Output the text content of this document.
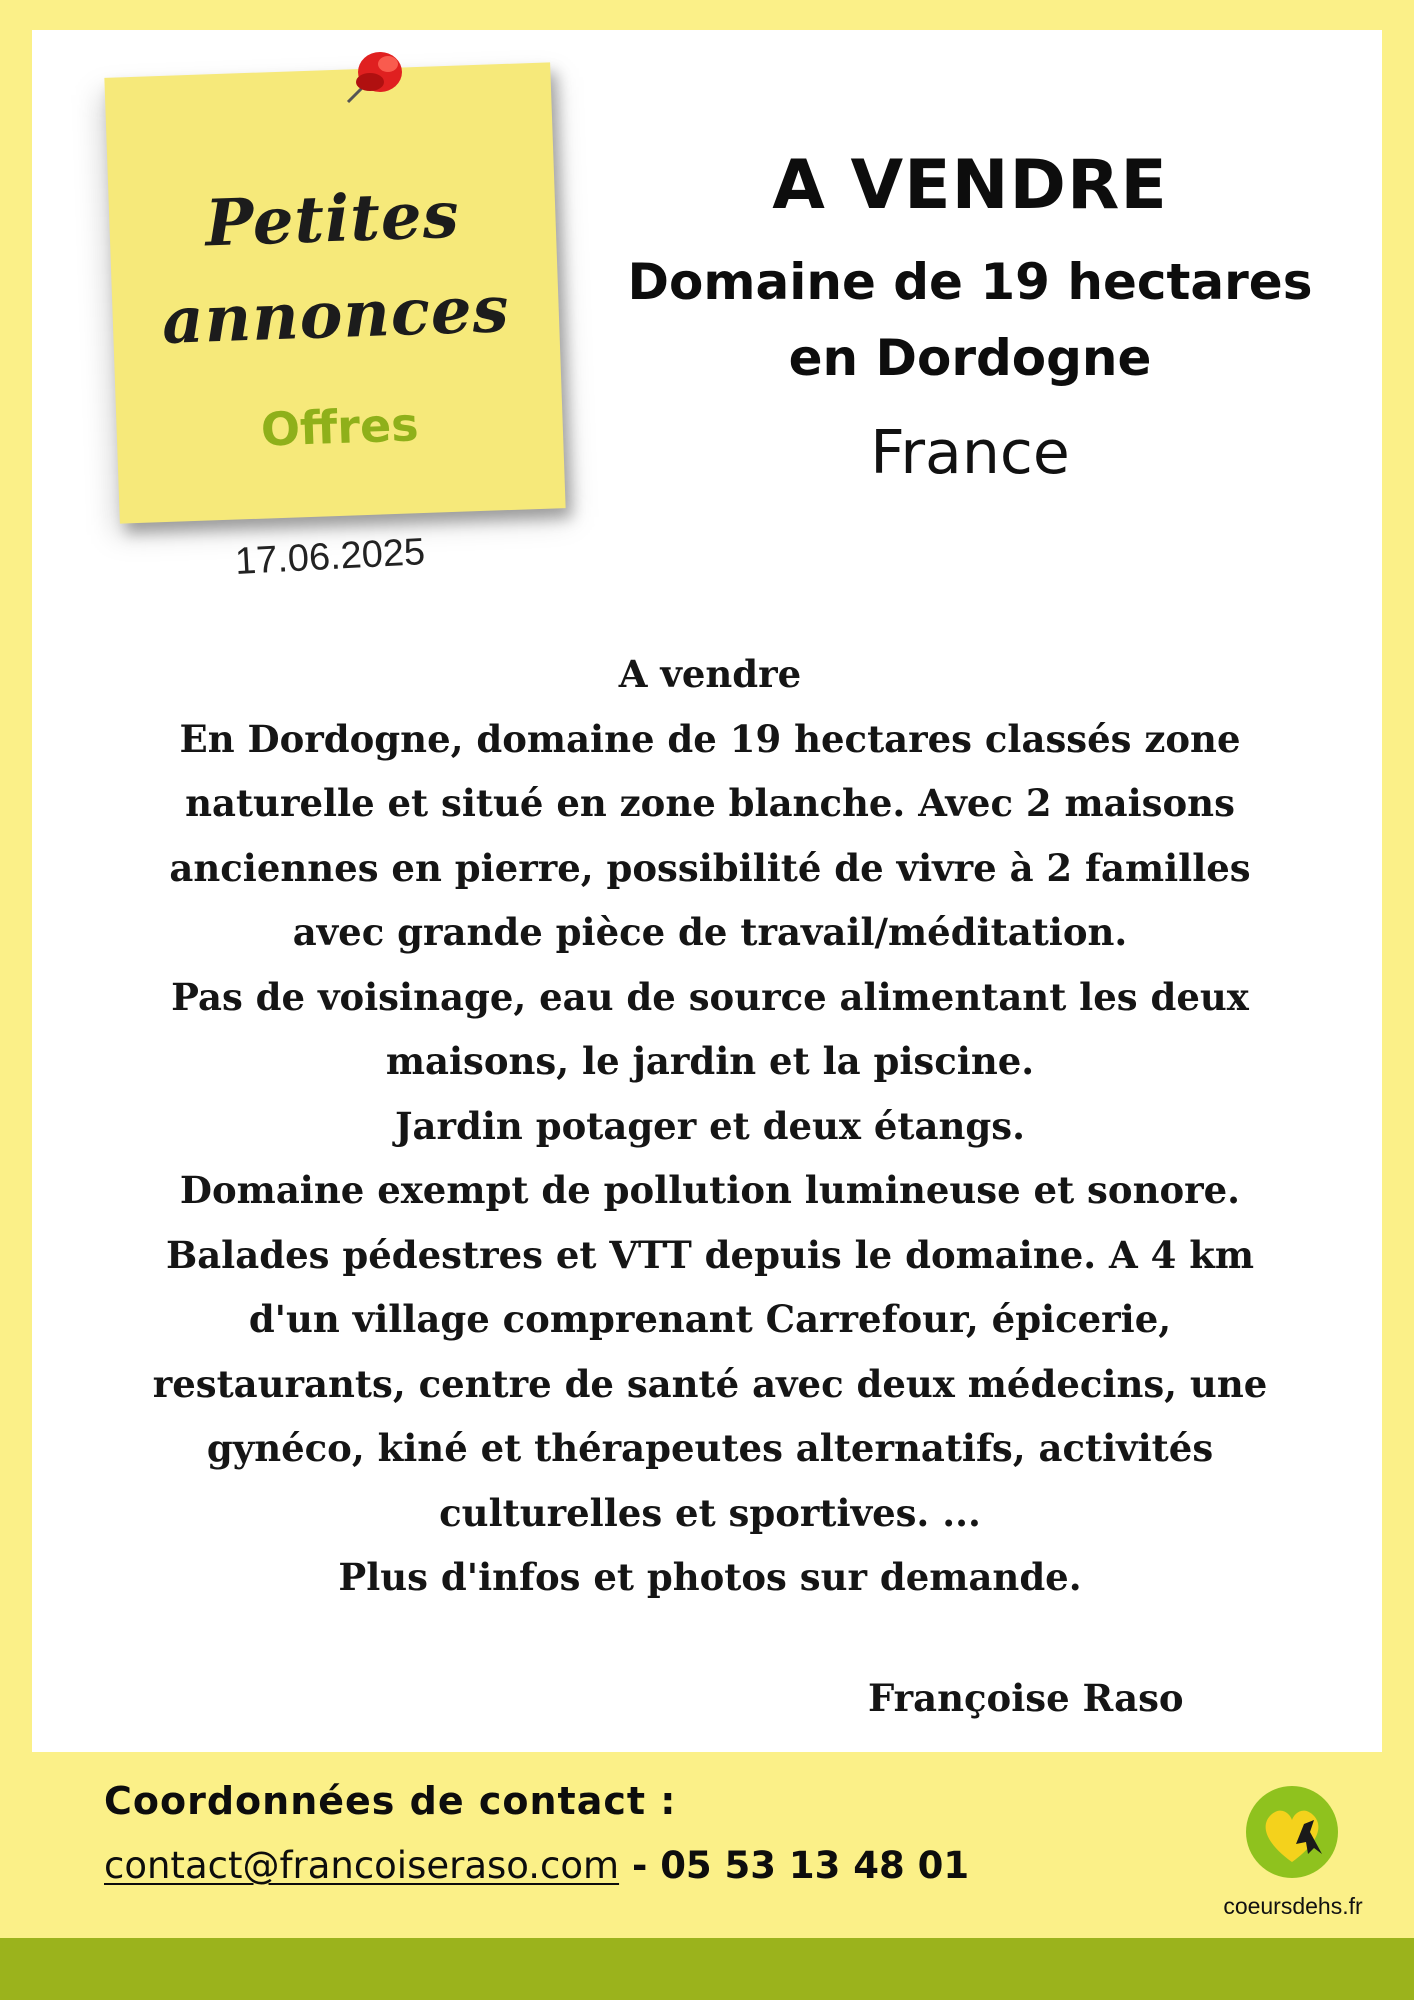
Petites
annonces
Offres
17.06.2025
A VENDRE
Domaine de 19 hectares
en Dordogne
France
A vendre
En Dordogne, domaine de 19 hectares classés zone
naturelle et situé en zone blanche. Avec 2 maisons
anciennes en pierre, possibilité de vivre à 2 familles
avec grande pièce de travail/méditation.
Pas de voisinage, eau de source alimentant les deux
maisons, le jardin et la piscine.
Jardin potager et deux étangs.
Domaine exempt de pollution lumineuse et sonore.
Balades pédestres et VTT depuis le domaine. A 4 km
d'un village comprenant Carrefour, épicerie,
restaurants, centre de santé avec deux médecins, une
gynéco, kiné et thérapeutes alternatifs, activités
culturelles et sportives. ...
Plus d'infos et photos sur demande.
Françoise Raso
Coordonnées de contact :
contact@francoiseraso.com - 05 53 13 48 01
coeursdehs.fr
